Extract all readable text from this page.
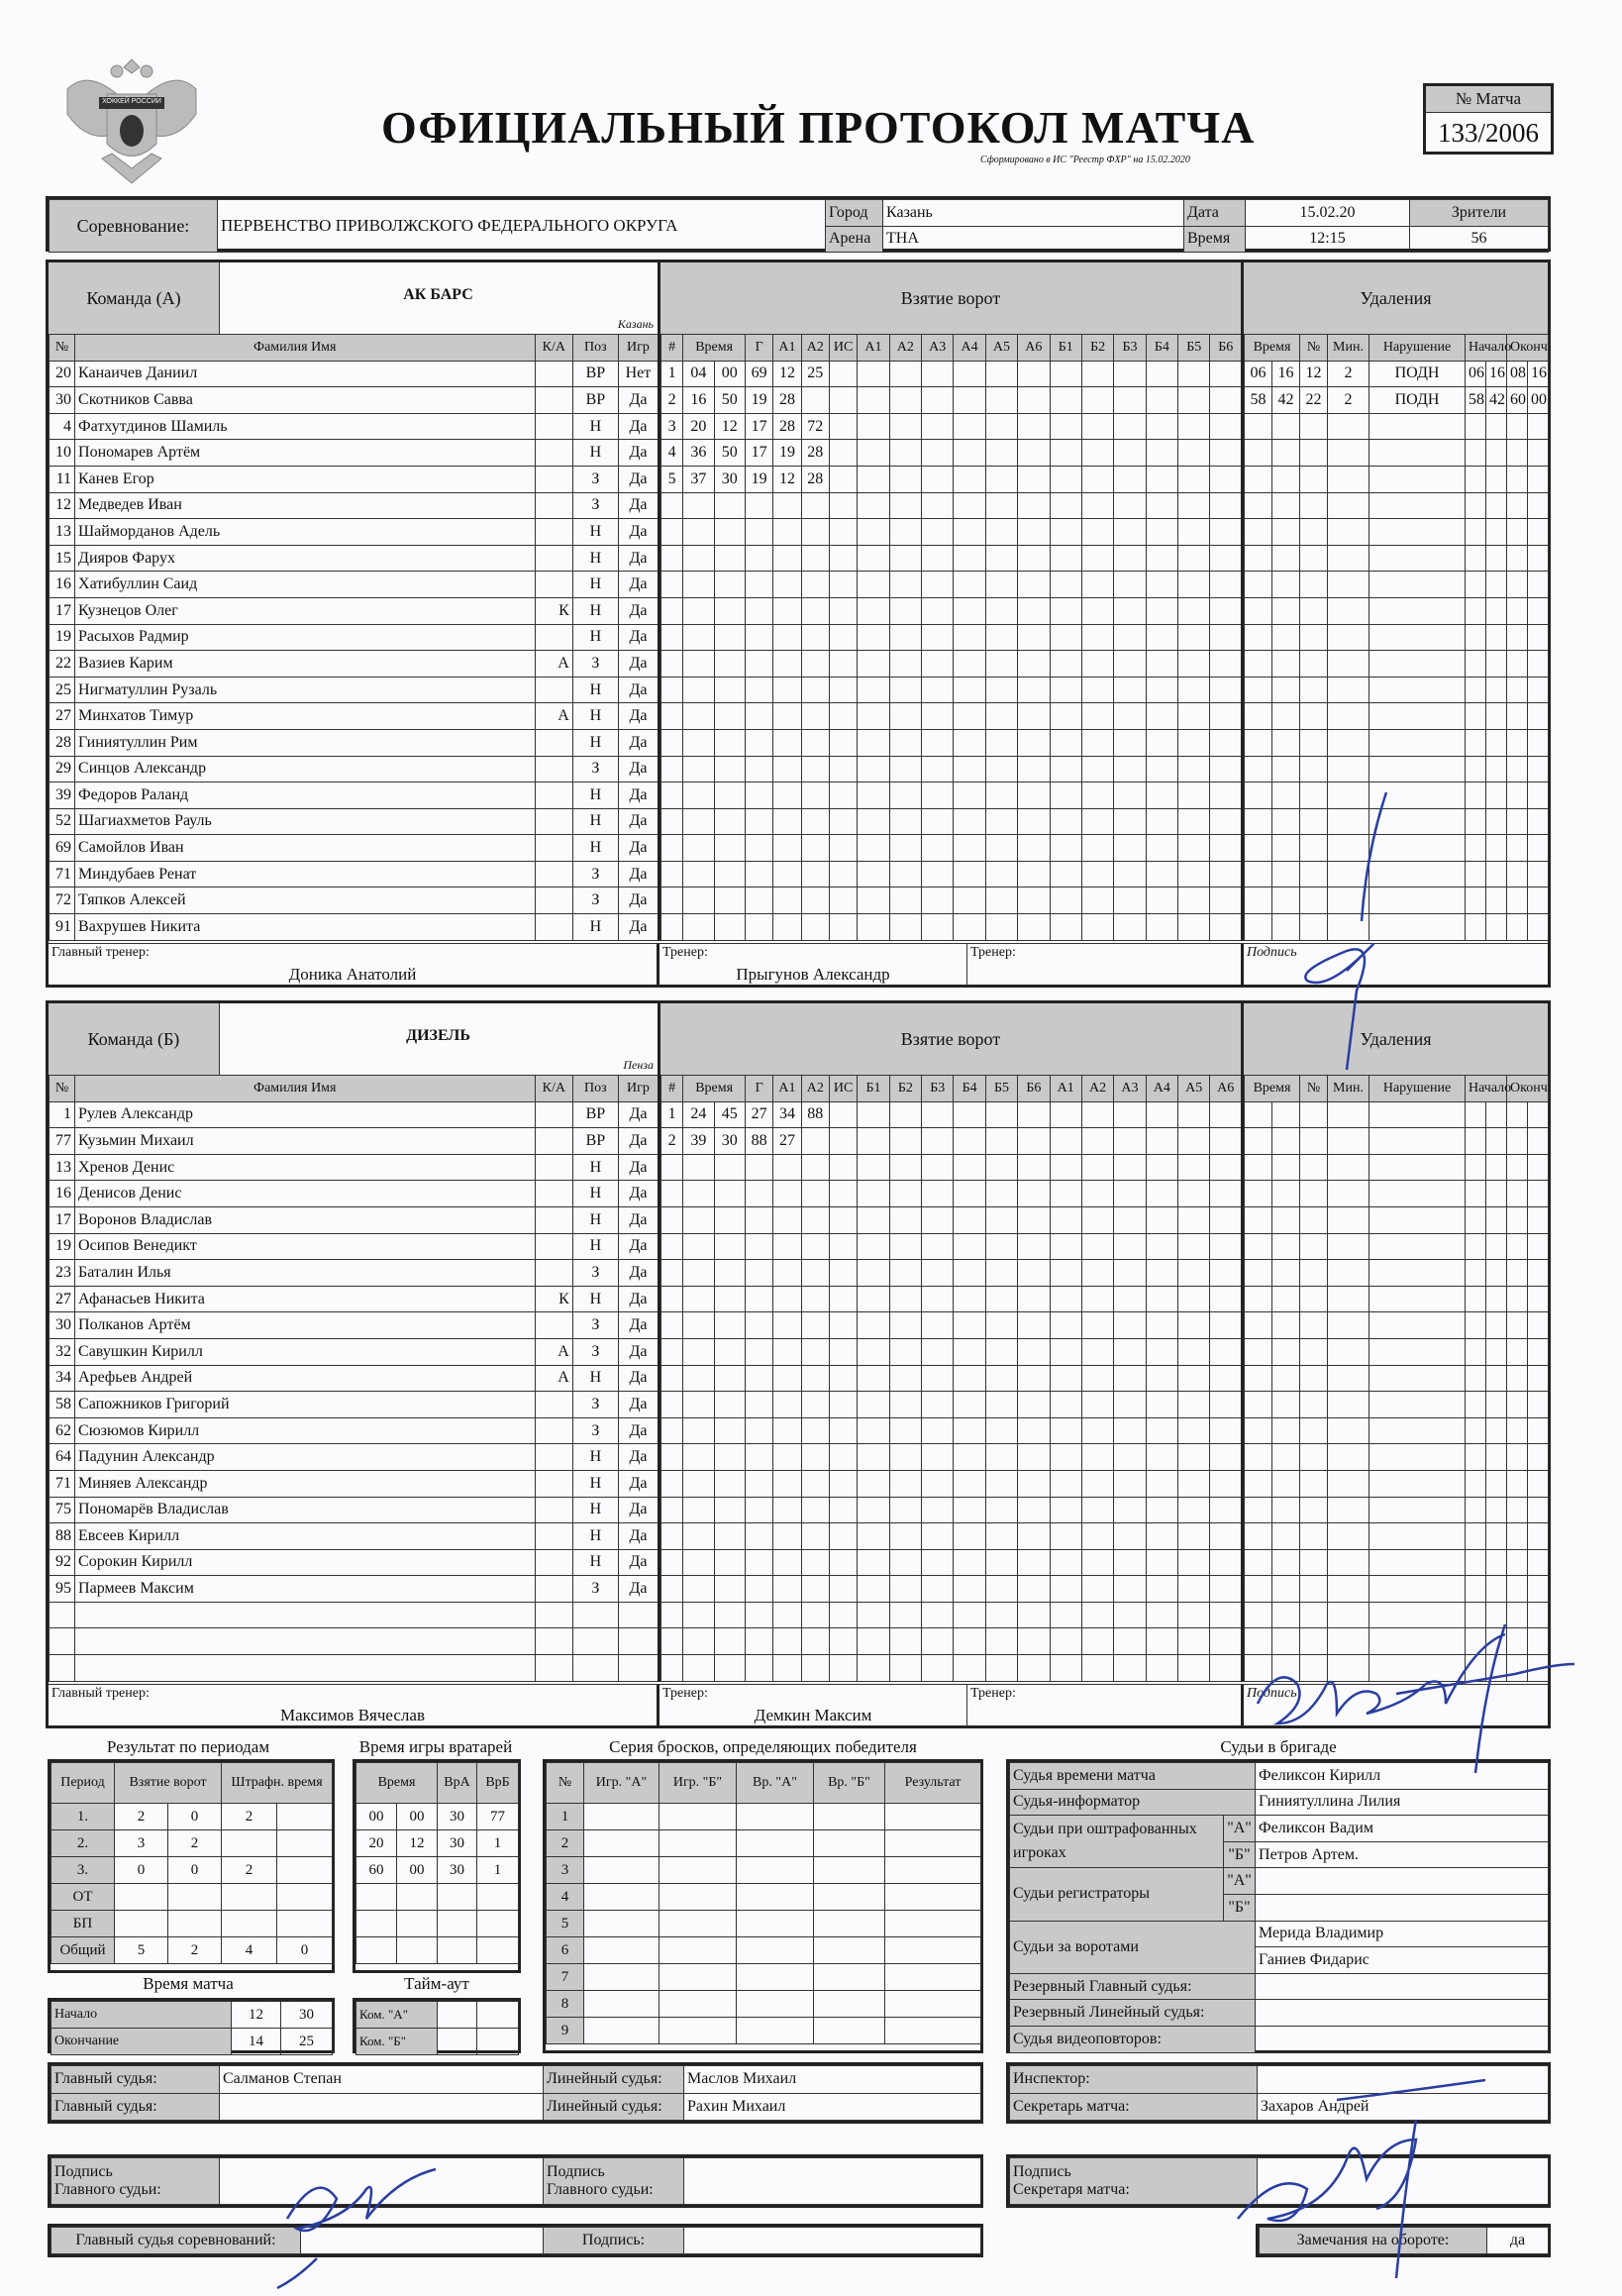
ХОККЕЙ РОССИИ
ОФИЦИАЛЬНЫЙ ПРОТОКОЛ МАТЧА
Сформировано в ИС "Реестр ФХР" на 15.02.2020
№ Матча
133/2006
Соревнование:	ПЕРВЕНСТВО ПРИВОЛЖСКОГО ФЕДЕРАЛЬНОГО ОКРУГА	Город	Казань	Дата	15.02.20	Зрители
		Арена	ТНА	Время	12:15	56
Команда (А)	АК БАРС
Казань
Взятие ворот	Удаления
№	Фамилия Имя	К/А	Поз	Игр
20	Канаичев Даниил		ВР	Нет
30	Скотников Савва		ВР	Да
4	Фатхутдинов Шамиль		Н	Да
10	Пономарев Артём		Н	Да
11	Канев Егор		З	Да
12	Медведев Иван		З	Да
13	Шайморданов Адель		Н	Да
15	Дияров Фарух		Н	Да
16	Хатибуллин Саид		Н	Да
17	Кузнецов Олег	К	Н	Да
19	Расыхов Радмир		Н	Да
22	Вазиев Карим	А	З	Да
25	Нигматуллин Рузаль		Н	Да
27	Минхатов Тимур	А	Н	Да
28	Гиниятуллин Рим		Н	Да
29	Синцов Александр		З	Да
39	Федоров Раланд		Н	Да
52	Шагиахметов Рауль		Н	Да
69	Самойлов Иван		Н	Да
71	Миндубаев Ренат		З	Да
72	Тяпков Алексей		З	Да
91	Вахрушев Никита		Н	Да
#	Время		Г	А1	А2	ИС	А1	А2	А3	А4	А5	А6	Б1	Б2	Б3	Б4	Б5	Б6
1	04	00	69	12	25													
2	16	50	19	28														
3	20	12	17	28	72													
4	36	50	17	19	28													
5	37	30	19	12	28													

Время		№	Мин.	Нарушение	Начало		Оконч.	
06	16	12	2	ПОДН	06	16	08	16
58	42	22	2	ПОДН	58	42	60	00

Главный тренер:
Доника Анатолий
Тренер:
Прыгунов Александр
Тренер:	Подпись
Команда (Б)	ДИЗЕЛЬ
Пенза
Взятие ворот	Удаления
№	Фамилия Имя	К/А	Поз	Игр
1	Рулев Александр		ВР	Да
77	Кузьмин Михаил		ВР	Да
13	Хренов Денис		Н	Да
16	Денисов Денис		Н	Да
17	Воронов Владислав		Н	Да
19	Осипов Венедикт		Н	Да
23	Баталин Илья		З	Да
27	Афанасьев Никита	К	Н	Да
30	Полканов Артём		З	Да
32	Савушкин Кирилл	А	З	Да
34	Арефьев Андрей	А	Н	Да
58	Сапожников Григорий		З	Да
62	Сюзюмов Кирилл		З	Да
64	Падунин Александр		Н	Да
71	Миняев Александр		Н	Да
75	Пономарёв Владислав		Н	Да
88	Евсеев Кирилл		Н	Да
92	Сорокин Кирилл		Н	Да
95	Пармеев Максим		З	Да

#	Время		Г	А1	А2	ИС	Б1	Б2	Б3	Б4	Б5	Б6	А1	А2	А3	А4	А5	А6
1	24	45	27	34	88													
2	39	30	88	27														

Время		№	Мин.	Нарушение	Начало		Оконч.	

Главный тренер:
Максимов Вячеслав
Тренер:
Демкин Максим
Тренер:	Подпись
Результат по периодам
Период	Взятие ворот		Штрафн. время	
1.	2	0	2	
2.	3	2		
3.	0	0	2	
ОТ				
БП				
Общий	5	2	4	0
Время игры вратарей
Время		ВрА	ВрБ
00	00	30	77
20	12	30	1
60	00	30	1

Время матча
Начало	12	30
Окончание	14	25
Тайм-аут
Ком. "А"		
Ком. "Б"		
Серия бросков, определяющих победителя
№	Игр. "А"	Игр. "Б"	Вр. "А"	Вр. "Б"	Результат
1					
2					
3					
4					
5					
6					
7					
8					
9					
Судьи в бригаде
Судья времени матча		Феликсон Кирилл
Судья-информатор		Гиниятуллина Лилия
Судьи при оштрафованных игроках	"А"	Феликсон Вадим
	"Б"	Петров Артем.
Судьи регистраторы	"А"	
	"Б"	
Судьи за воротами		Мерида Владимир
		Ганиев Фидарис
Резервный Главный судья:		
Резервный Линейный судья:		
Судья видеоповторов:		
Главный судья:	Салманов Степан	Линейный судья:	Маслов Михаил
Главный судья:		Линейный судья:	Рахин Михаил
Инспектор:	
Секретарь матча:	Захаров Андрей
Подпись
Главного судьи:		Подпись
Главного судьи:	
Подпись
Секретаря матча:	
Главный судья соревнований:		Подпись:		Замечания на обороте:	да
